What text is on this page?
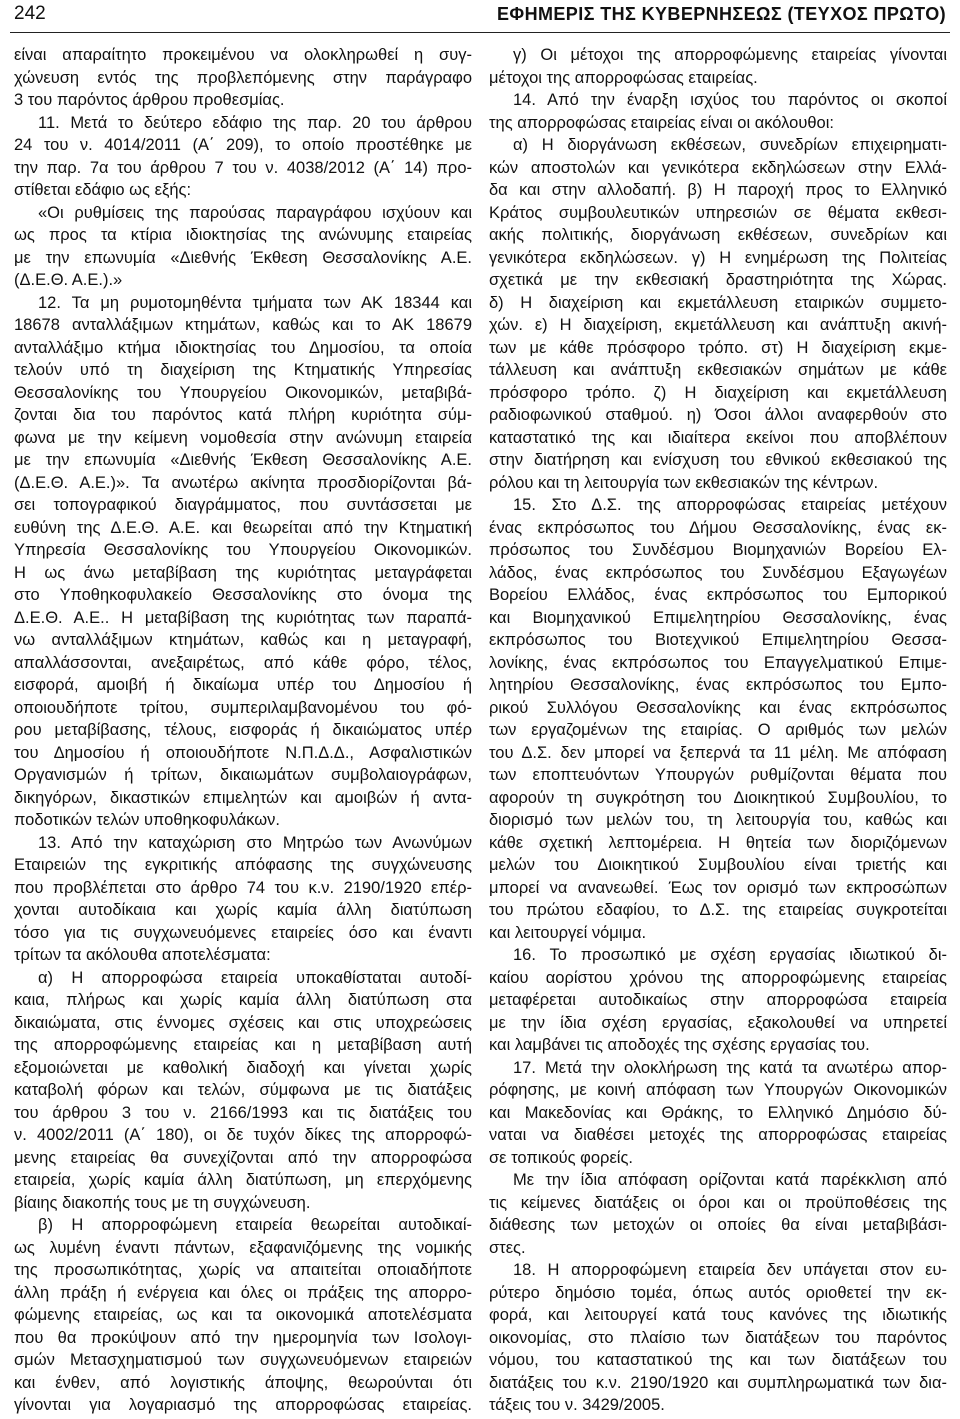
242	ΕΦΗΜΕΡΙΣ ΤΗΣ ΚΥΒΕΡΝΗΣΕΩΣ (ΤΕΥΧΟΣ ΠΡΩΤΟ)
είναι απαραίτητο προκειμένου να ολοκληρωθεί η συγ-
χώνευση εντός της προβλεπόμενης στην παράγραφο
3 του παρόντος άρθρου προθεσμίας.
11. Μετά το δεύτερο εδάφιο της παρ. 20 του άρθρου
24 του ν. 4014/2011 (Α΄ 209), το οποίο προστέθηκε με
την παρ. 7α του άρθρου 7 του ν. 4038/2012 (Α΄ 14) προ-
στίθεται εδάφιο ως εξής:
«Οι ρυθμίσεις της παρούσας παραγράφου ισχύουν και
ως προς τα κτίρια ιδιοκτησίας της ανώνυμης εταιρείας
με την επωνυμία «Διεθνής Έκθεση Θεσσαλονίκης Α.Ε.
(Δ.Ε.Θ. Α.Ε.).»
12. Τα μη ρυμοτομηθέντα τμήματα των ΑΚ 18344 και
18678 ανταλλάξιμων κτημάτων, καθώς και το ΑΚ 18679
ανταλλάξιμο κτήμα ιδιοκτησίας του Δημοσίου, τα οποία
τελούν υπό τη διαχείριση της Κτηματικής Υπηρεσίας
Θεσσαλονίκης του Υπουργείου Οικονομικών, μεταβιβά-
ζονται δια του παρόντος κατά πλήρη κυριότητα σύμ-
φωνα με την κείμενη νομοθεσία στην ανώνυμη εταιρεία
με την επωνυμία «Διεθνής Έκθεση Θεσσαλονίκης Α.Ε.
(Δ.Ε.Θ. Α.Ε.)». Τα ανωτέρω ακίνητα προσδιορίζονται βά-
σει τοπογραφικού διαγράμματος, που συντάσσεται με
ευθύνη της Δ.Ε.Θ. Α.Ε. και θεωρείται από την Κτηματική
Υπηρεσία Θεσσαλονίκης του Υπουργείου Οικονομικών.
Η ως άνω μεταβίβαση της κυριότητας μεταγράφεται
στο Υποθηκοφυλακείο Θεσσαλονίκης στο όνομα της
Δ.Ε.Θ. Α.Ε.. Η μεταβίβαση της κυριότητας των παραπά-
νω ανταλλάξιμων κτημάτων, καθώς και η μεταγραφή,
απαλλάσσονται, ανεξαιρέτως, από κάθε φόρο, τέλος,
εισφορά, αμοιβή ή δικαίωμα υπέρ του Δημοσίου ή
οποιουδήποτε τρίτου, συμπεριλαμβανομένου του φό-
ρου μεταβίβασης, τέλους, εισφοράς ή δικαιώματος υπέρ
του Δημοσίου ή οποιουδήποτε Ν.Π.Δ.Δ., Ασφαλιστικών
Οργανισμών ή τρίτων, δικαιωμάτων συμβολαιογράφων,
δικηγόρων, δικαστικών επιμελητών και αμοιβών ή αντα-
ποδοτικών τελών υποθηκοφυλάκων.
13. Από την καταχώριση στο Μητρώο των Ανωνύμων
Εταιρειών της εγκριτικής απόφασης της συγχώνευσης
που προβλέπεται στο άρθρο 74 του κ.ν. 2190/1920 επέρ-
χονται αυτοδίκαια και χωρίς καμία άλλη διατύπωση
τόσο για τις συγχωνευόμενες εταιρείες όσο και έναντι
τρίτων τα ακόλουθα αποτελέσματα:
α) Η απορροφώσα εταιρεία υποκαθίσταται αυτοδί-
καια, πλήρως και χωρίς καμία άλλη διατύπωση στα
δικαιώματα, στις έννομες σχέσεις και στις υποχρεώσεις
της απορροφώμενης εταιρείας και η μεταβίβαση αυτή
εξομοιώνεται με καθολική διαδοχή και γίνεται χωρίς
καταβολή φόρων και τελών, σύμφωνα με τις διατάξεις
του άρθρου 3 του ν. 2166/1993 και τις διατάξεις του
ν. 4002/2011 (Α΄ 180), οι δε τυχόν δίκες της απορροφώ-
μενης εταιρείας θα συνεχίζονται από την απορροφώσα
εταιρεία, χωρίς καμία άλλη διατύπωση, μη επερχόμενης
βίαιης διακοπής τους με τη συγχώνευση.
β) Η απορροφώμενη εταιρεία θεωρείται αυτοδικαί-
ως λυμένη έναντι πάντων, εξαφανιζόμενης της νομικής
της προσωπικότητας, χωρίς να απαιτείται οποιαδήποτε
άλλη πράξη ή ενέργεια και όλες οι πράξεις της απορρο-
φώμενης εταιρείας, ως και τα οικονομικά αποτελέσματα
που θα προκύψουν από την ημερομηνία των Ισολογι-
σμών Μετασχηματισμού των συγχωνευόμενων εταιρειών
και ένθεν, από λογιστικής άποψης, θεωρούνται ότι
γίνονται για λογαριασμό της απορροφώσας εταιρείας.
γ) Οι μέτοχοι της απορροφώμενης εταιρείας γίνονται
μέτοχοι της απορροφώσας εταιρείας.
14. Από την έναρξη ισχύος του παρόντος οι σκοποί
της απορροφώσας εταιρείας είναι οι ακόλουθοι:
α) Η διοργάνωση εκθέσεων, συνεδρίων επιχειρηματι-
κών αποστολών και γενικότερα εκδηλώσεων στην Ελλά-
δα και στην αλλοδαπή. β) Η παροχή προς το Ελληνικό
Κράτος συμβουλευτικών υπηρεσιών σε θέματα εκθεσι-
ακής πολιτικής, διοργάνωση εκθέσεων, συνεδρίων και
γενικότερα εκδηλώσεων. γ) Η ενημέρωση της Πολιτείας
σχετικά με την εκθεσιακή δραστηριότητα της Χώρας.
δ) Η διαχείριση και εκμετάλλευση εταιρικών συμμετο-
χών. ε) Η διαχείριση, εκμετάλλευση και ανάπτυξη ακινή-
των με κάθε πρόσφορο τρόπο. στ) Η διαχείριση εκμε-
τάλλευση και ανάπτυξη εκθεσιακών σημάτων με κάθε
πρόσφορο τρόπο. ζ) Η διαχείριση και εκμετάλλευση
ραδιοφωνικού σταθμού. η) Όσοι άλλοι αναφερθούν στο
καταστατικό της και ιδιαίτερα εκείνοι που αποβλέπουν
στην διατήρηση και ενίσχυση του εθνικού εκθεσιακού της
ρόλου και τη λειτουργία των εκθεσιακών της κέντρων.
15. Στο Δ.Σ. της απορροφώσας εταιρείας μετέχουν
ένας εκπρόσωπος του Δήμου Θεσσαλονίκης, ένας εκ-
πρόσωπος του Συνδέσμου Βιομηχανιών Βορείου Ελ-
λάδος, ένας εκπρόσωπος του Συνδέσμου Εξαγωγέων
Βορείου Ελλάδος, ένας εκπρόσωπος του Εμπορικού
και Βιομηχανικού Επιμελητηρίου Θεσσαλονίκης, ένας
εκπρόσωπος του Βιοτεχνικού Επιμελητηρίου Θεσσα-
λονίκης, ένας εκπρόσωπος του Επαγγελματικού Επιμε-
λητηρίου Θεσσαλονίκης, ένας εκπρόσωπος του Εμπο-
ρικού Συλλόγου Θεσσαλονίκης και ένας εκπρόσωπος
των εργαζομένων της εταιρίας. Ο αριθμός των μελών
του Δ.Σ. δεν μπορεί να ξεπερνά τα 11 μέλη. Με απόφαση
των εποπτευόντων Υπουργών ρυθμίζονται θέματα που
αφορούν τη συγκρότηση του Διοικητικού Συμβουλίου, το
διορισμό των μελών του, τη λειτουργία του, καθώς και
κάθε σχετική λεπτομέρεια. Η θητεία των διοριζόμενων
μελών του Διοικητικού Συμβουλίου είναι τριετής και
μπορεί να ανανεωθεί. Έως τον ορισμό των εκπροσώπων
του πρώτου εδαφίου, το Δ.Σ. της εταιρείας συγκροτείται
και λειτουργεί νόμιμα.
16. Το προσωπικό με σχέση εργασίας ιδιωτικού δι-
καίου αορίστου χρόνου της απορροφώμενης εταιρείας
μεταφέρεται αυτοδικαίως στην απορροφώσα εταιρεία
με την ίδια σχέση εργασίας, εξακολουθεί να υπηρετεί
και λαμβάνει τις αποδοχές της σχέσης εργασίας του.
17. Μετά την ολοκλήρωση της κατά τα ανωτέρω απορ-
ρόφησης, με κοινή απόφαση των Υπουργών Οικονομικών
και Μακεδονίας και Θράκης, το Ελληνικό Δημόσιο δύ-
ναται να διαθέσει μετοχές της απορροφώσας εταιρείας
σε τοπικούς φορείς.
Με την ίδια απόφαση ορίζονται κατά παρέκκλιση από
τις κείμενες διατάξεις οι όροι και οι προϋποθέσεις της
διάθεσης των μετοχών οι οποίες θα είναι μεταβιβάσι-
στες.
18. Η απορροφώμενη εταιρεία δεν υπάγεται στον ευ-
ρύτερο δημόσιο τομέα, όπως αυτός οριοθετεί την εκ-
φορά, και λειτουργεί κατά τους κανόνες της ιδιωτικής
οικονομίας, στο πλαίσιο των διατάξεων του παρόντος
νόμου, του καταστατικού της και των διατάξεων του
διατάξεις του κ.ν. 2190/1920 και συμπληρωματικά των δια-
τάξεις του ν. 3429/2005.
